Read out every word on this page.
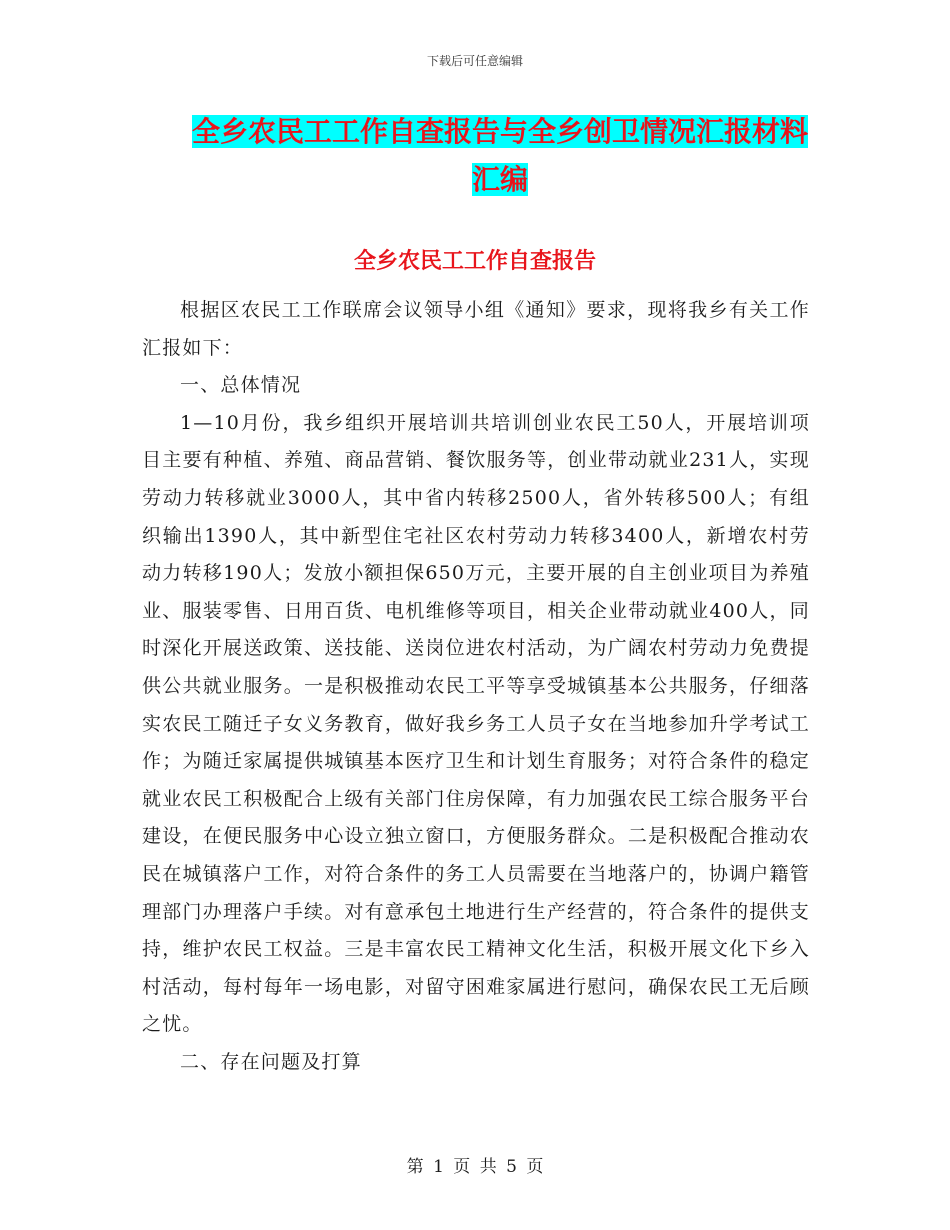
下载后可任意编辑
全乡农民工工作自查报告与全乡创卫情况汇报材料汇编
全乡农民工工作自查报告

根据区农民工工作联席会议领导小组《通知》要求，现将我乡有关工作汇报如下：

一、总体情况

1—10月份，我乡组织开展培训共培训创业农民工50人，开展培训项目主要有种植、养殖、商品营销、餐饮服务等，创业带动就业231人，实现劳动力转移就业3000人，其中省内转移2500人，省外转移500人；有组织输出1390人，其中新型住宅社区农村劳动力转移3400人，新增农村劳动力转移190人；发放小额担保650万元，主要开展的自主创业项目为养殖业、服装零售、日用百货、电机维修等项目，相关企业带动就业400人，同时深化开展送政策、送技能、送岗位进农村活动，为广阔农村劳动力免费提供公共就业服务。一是积极推动农民工平等享受城镇基本公共服务，仔细落实农民工随迁子女义务教育，做好我乡务工人员子女在当地参加升学考试工作；为随迁家属提供城镇基本医疗卫生和计划生育服务；对符合条件的稳定就业农民工积极配合上级有关部门住房保障，有力加强农民工综合服务平台建设，在便民服务中心设立独立窗口，方便服务群众。二是积极配合推动农民在城镇落户工作，对符合条件的务工人员需要在当地落户的，协调户籍管理部门办理落户手续。对有意承包土地进行生产经营的，符合条件的提供支持，维护农民工权益。三是丰富农民工精神文化生活，积极开展文化下乡入村活动，每村每年一场电影，对留守困难家属进行慰问，确保农民工无后顾之忧。

二、存在问题及打算

第 1 页 共 5 页
